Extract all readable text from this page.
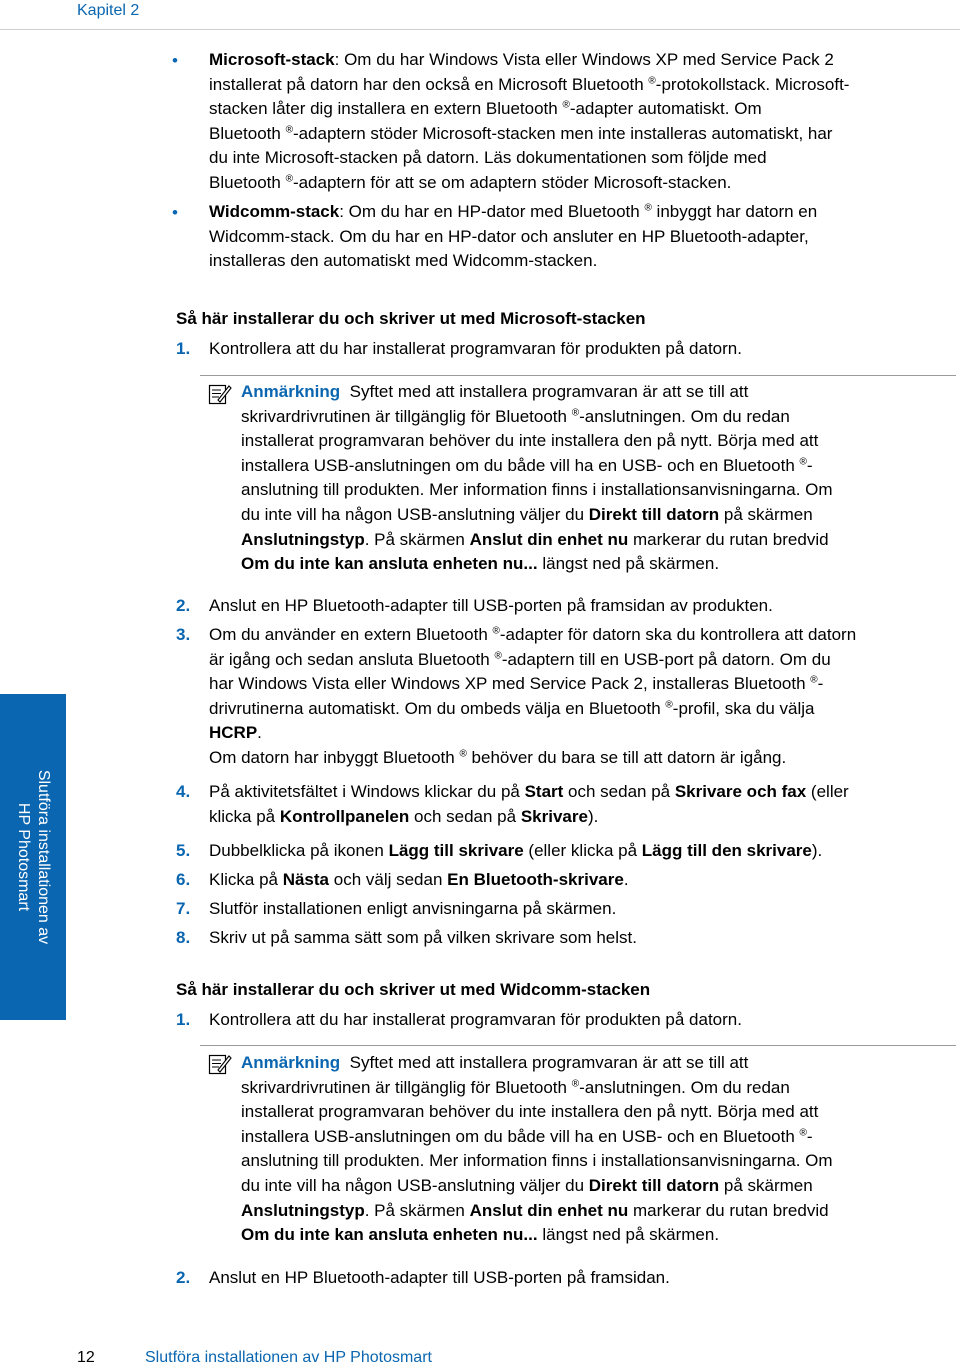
Kapitel 2
• Microsoft-stack: Om du har Windows Vista eller Windows XP med Service Pack 2
installerat på datorn har den också en Microsoft Bluetooth ®-protokollstack. Microsoft-
stacken låter dig installera en extern Bluetooth ®-adapter automatiskt. Om
Bluetooth ®-adaptern stöder Microsoft-stacken men inte installeras automatiskt, har
du inte Microsoft-stacken på datorn. Läs dokumentationen som följde med
Bluetooth ®-adaptern för att se om adaptern stöder Microsoft-stacken.
• Widcomm-stack: Om du har en HP-dator med Bluetooth ® inbyggt har datorn en
Widcomm-stack. Om du har en HP-dator och ansluter en HP Bluetooth-adapter,
installeras den automatiskt med Widcomm-stacken.
Så här installerar du och skriver ut med Microsoft-stacken
1. Kontrollera att du har installerat programvaran för produkten på datorn.
Anmärkning Syftet med att installera programvaran är att se till att
skrivardrivrutinen är tillgänglig för Bluetooth ®-anslutningen. Om du redan
installerat programvaran behöver du inte installera den på nytt. Börja med att
installera USB-anslutningen om du både vill ha en USB- och en Bluetooth ®-
anslutning till produkten. Mer information finns i installationsanvisningarna. Om
du inte vill ha någon USB-anslutning väljer du Direkt till datorn på skärmen
Anslutningstyp. På skärmen Anslut din enhet nu markerar du rutan bredvid
Om du inte kan ansluta enheten nu... längst ned på skärmen.
2. Anslut en HP Bluetooth-adapter till USB-porten på framsidan av produkten.
3. Om du använder en extern Bluetooth ®-adapter för datorn ska du kontrollera att datorn
är igång och sedan ansluta Bluetooth ®-adaptern till en USB-port på datorn. Om du
har Windows Vista eller Windows XP med Service Pack 2, installeras Bluetooth ®-
drivrutinerna automatiskt. Om du ombeds välja en Bluetooth ®-profil, ska du välja
HCRP.
Om datorn har inbyggt Bluetooth ® behöver du bara se till att datorn är igång.
4. På aktivitetsfältet i Windows klickar du på Start och sedan på Skrivare och fax (eller
klicka på Kontrollpanelen och sedan på Skrivare).
5. Dubbelklicka på ikonen Lägg till skrivare (eller klicka på Lägg till den skrivare).
6. Klicka på Nästa och välj sedan En Bluetooth-skrivare.
7. Slutför installationen enligt anvisningarna på skärmen.
8. Skriv ut på samma sätt som på vilken skrivare som helst.
Så här installerar du och skriver ut med Widcomm-stacken
1. Kontrollera att du har installerat programvaran för produkten på datorn.
Anmärkning Syftet med att installera programvaran är att se till att
skrivardrivrutinen är tillgänglig för Bluetooth ®-anslutningen. Om du redan
installerat programvaran behöver du inte installera den på nytt. Börja med att
installera USB-anslutningen om du både vill ha en USB- och en Bluetooth ®-
anslutning till produkten. Mer information finns i installationsanvisningarna. Om
du inte vill ha någon USB-anslutning väljer du Direkt till datorn på skärmen
Anslutningstyp. På skärmen Anslut din enhet nu markerar du rutan bredvid
Om du inte kan ansluta enheten nu... längst ned på skärmen.
2. Anslut en HP Bluetooth-adapter till USB-porten på framsidan.
Slutföra installationen av
HP Photosmart
12	Slutföra installationen av HP Photosmart
